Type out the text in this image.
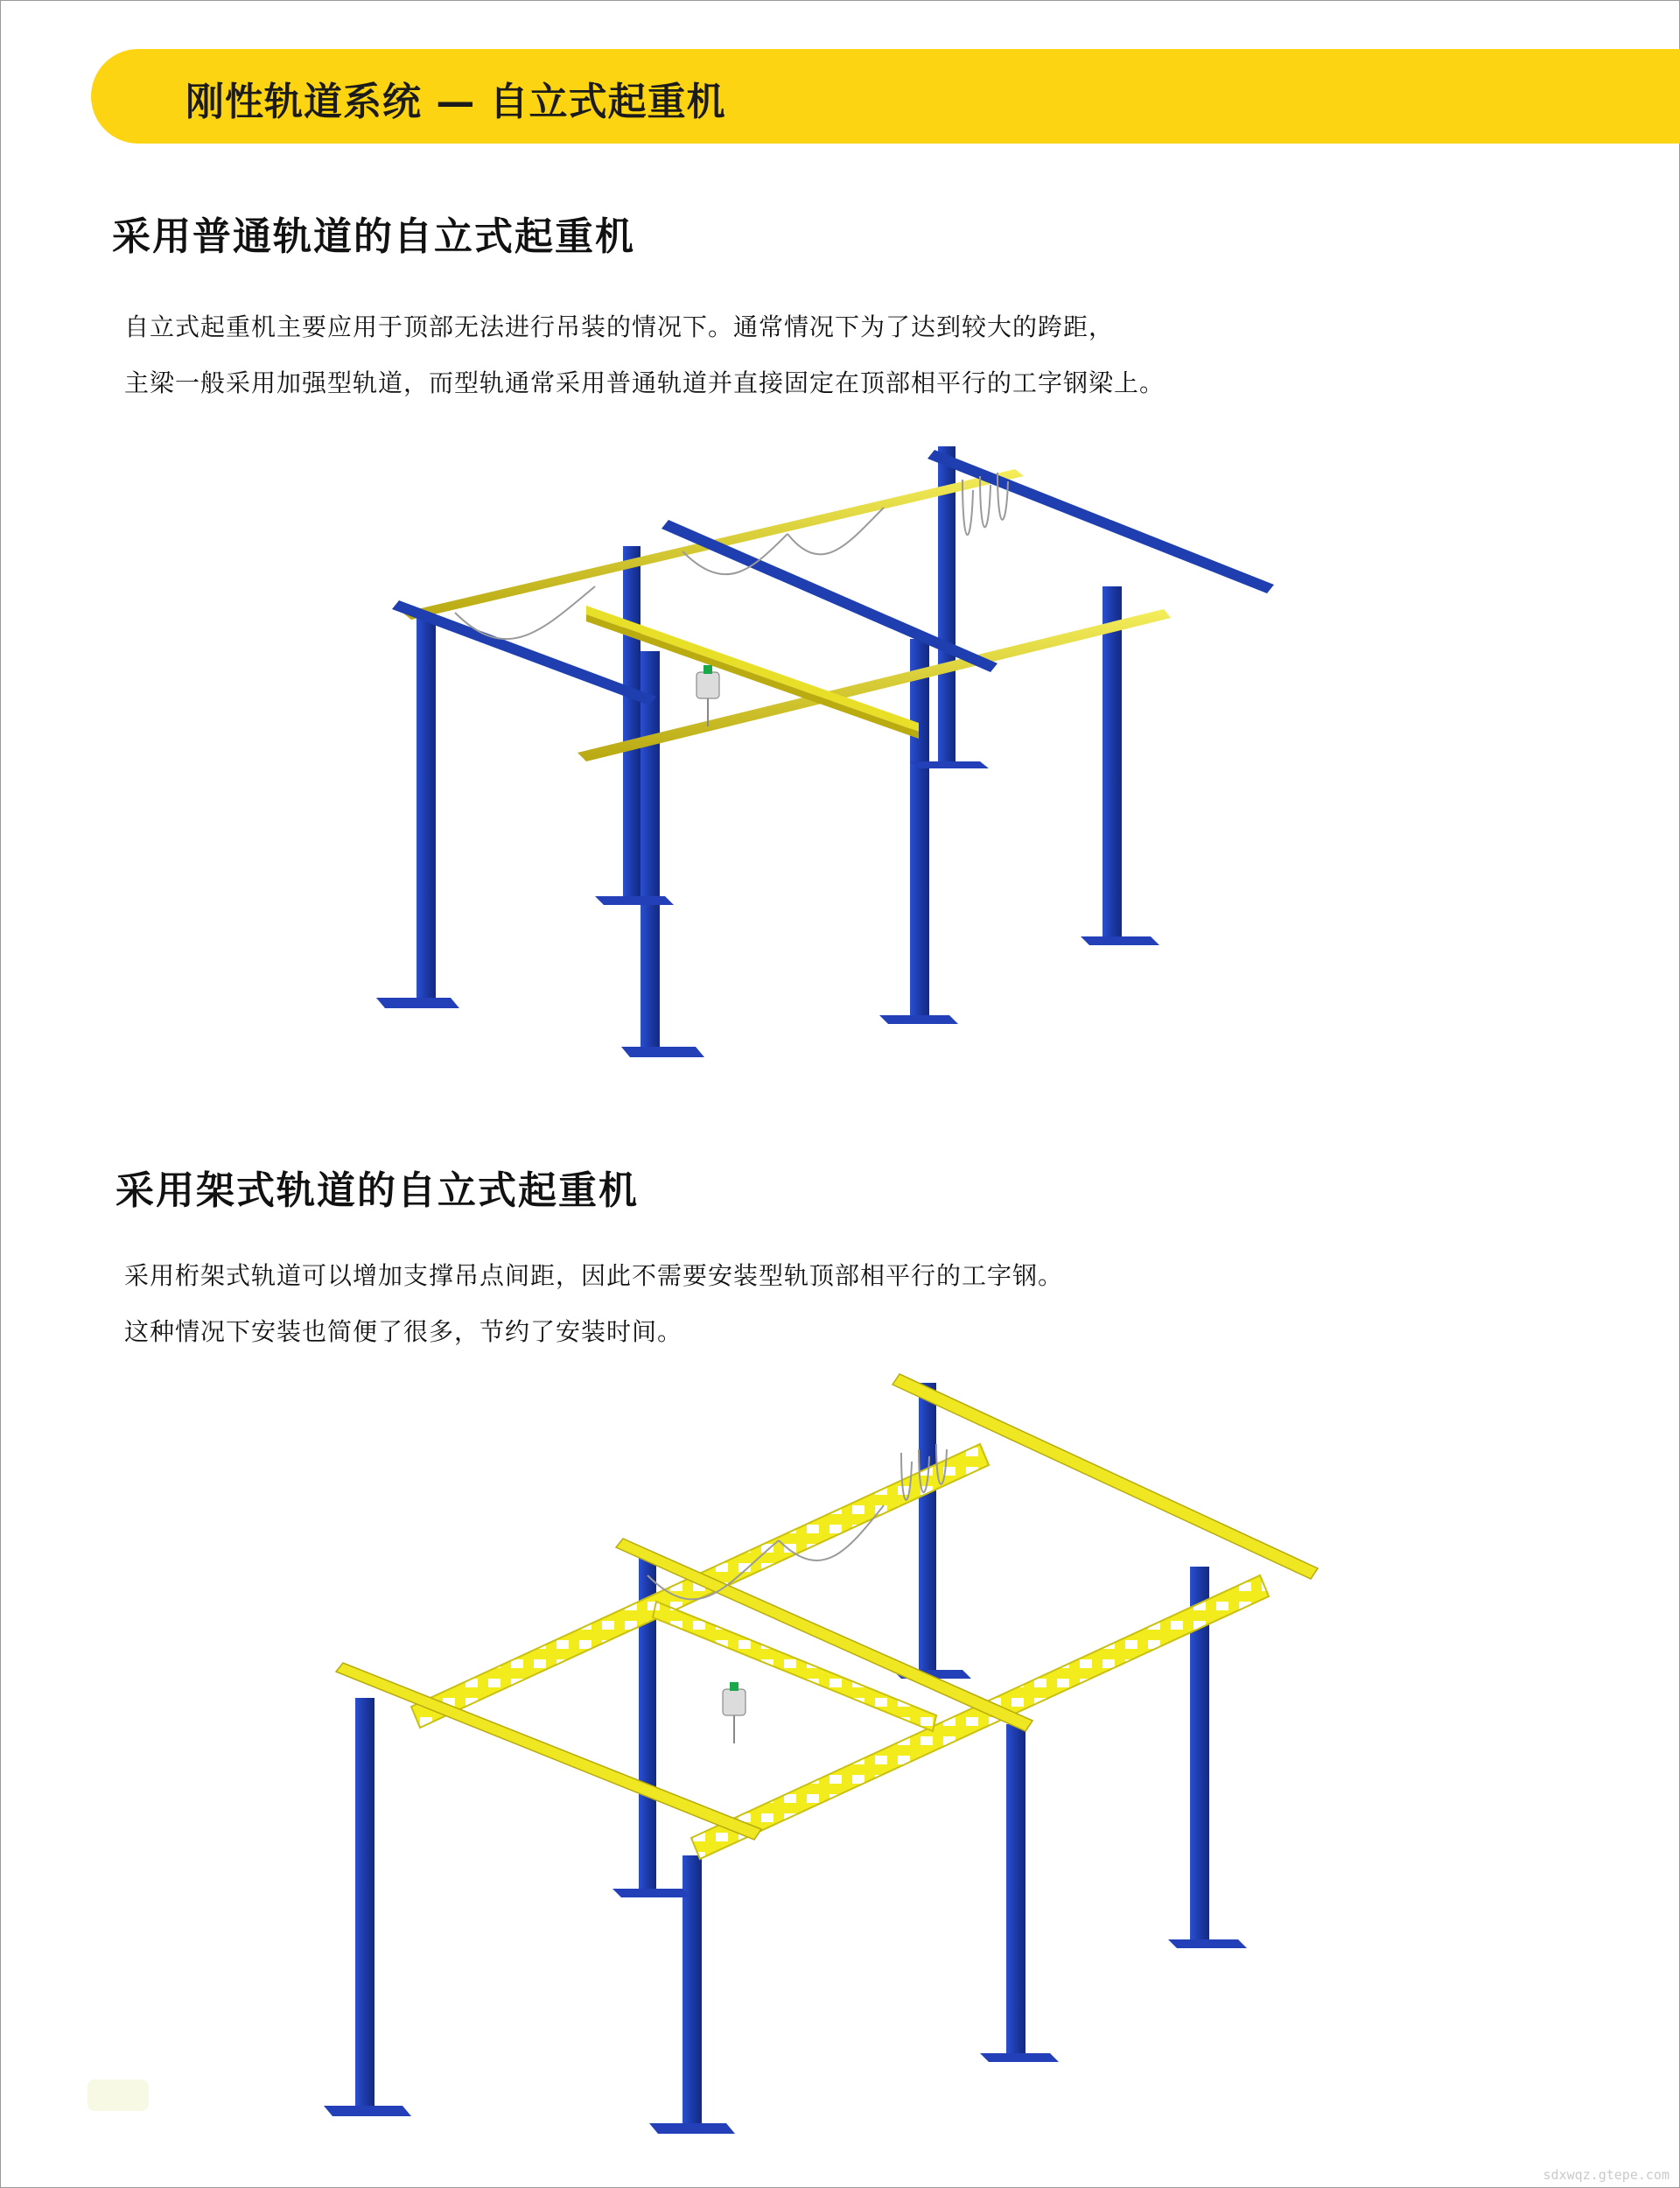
刚性轨道系统 — 自立式起重机
采用普通轨道的自立式起重机

自立式起重机主要应用于顶部无法进行吊装的情况下。通常情况下为了达到较大的跨距，
主梁一般采用加强型轨道，而型轨通常采用普通轨道并直接固定在顶部相平行的工字钢梁上。

采用架式轨道的自立式起重机

采用桁架式轨道可以增加支撑吊点间距，因此不需要安装型轨顶部相平行的工字钢。
这种情况下安装也简便了很多，节约了安装时间。

sdxwqz.gtepe.com
